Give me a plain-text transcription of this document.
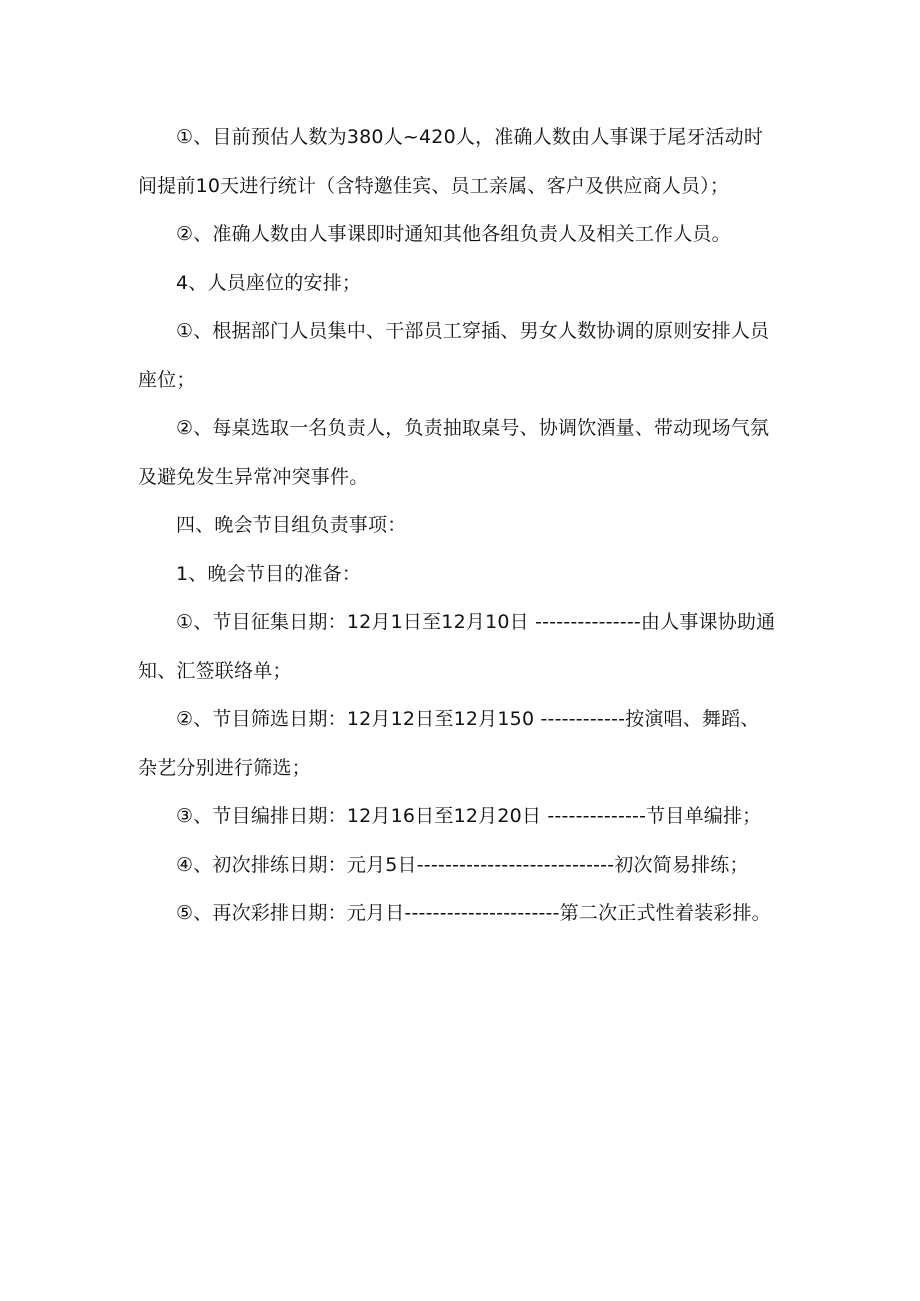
①、目前预估人数为380人~420人，准确人数由人事课于尾牙活动时间提前10天进行统计（含特邀佳宾、员工亲属、客户及供应商人员）；

②、准确人数由人事课即时通知其他各组负责人及相关工作人员。

4、人员座位的安排；

①、根据部门人员集中、干部员工穿插、男女人数协调的原则安排人员座位；

②、每桌选取一名负责人，负责抽取桌号、协调饮酒量、带动现场气氛及避免发生异常冲突事件。

四、晚会节目组负责事项：

1、晚会节目的准备：

①、节目征集日期：12月1日至12月10日 ---------------由人事课协助通知、汇签联络单；

②、节目筛选日期：12月12日至12月150 ------------按演唱、舞蹈、杂艺分别进行筛选；

③、节目编排日期：12月16日至12月20日 --------------节目单编排；

④、初次排练日期：元月5日----------------------------初次简易排练；

⑤、再次彩排日期：元月日----------------------第二次正式性着装彩排。
